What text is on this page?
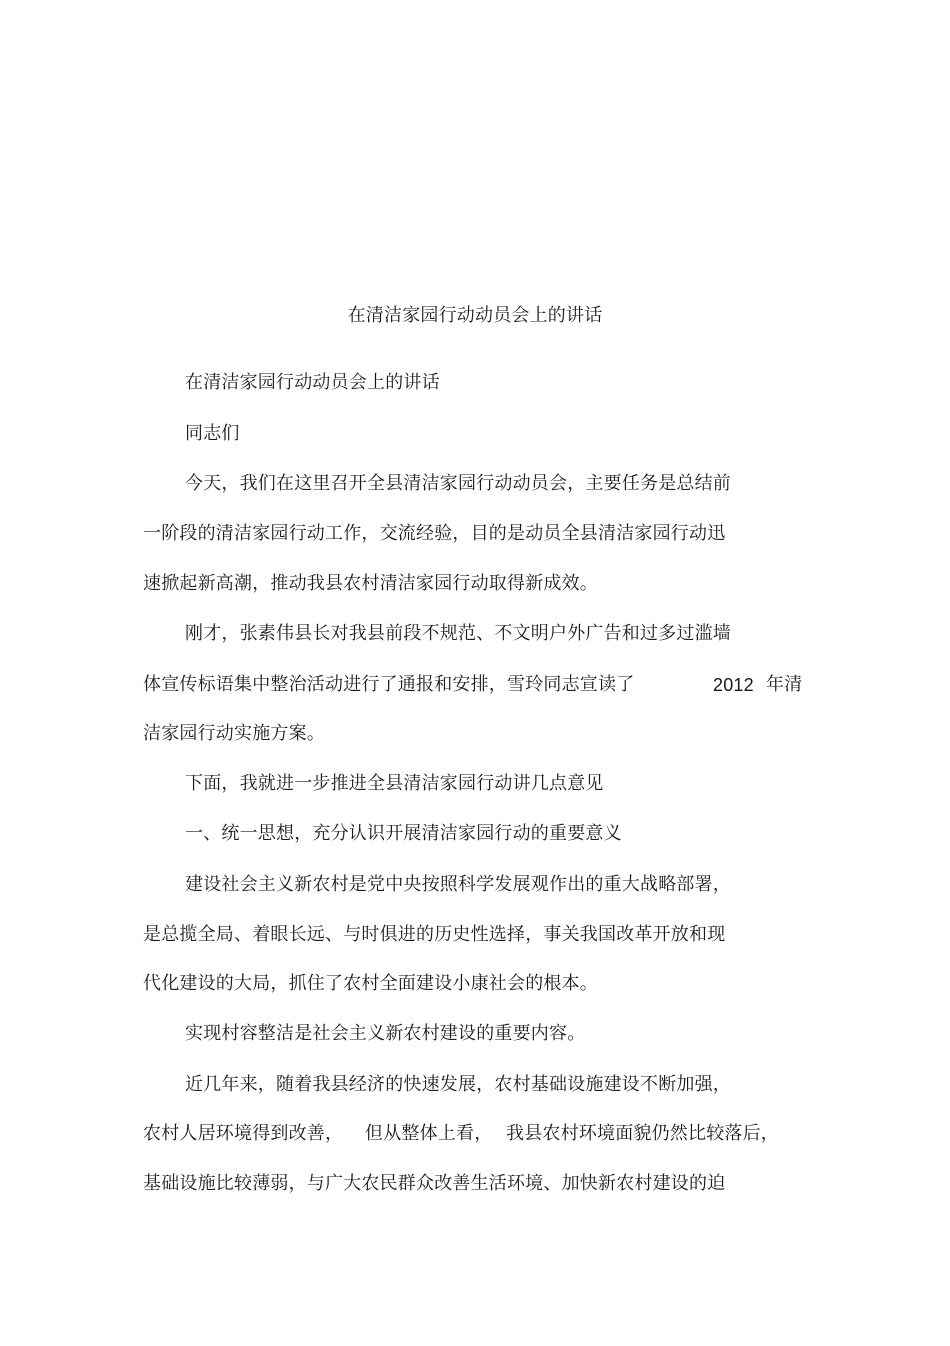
在清洁家园行动动员会上的讲话
在清洁家园行动动员会上的讲话
同志们
今天，我们在这里召开全县清洁家园行动动员会，主要任务是总结前
一阶段的清洁家园行动工作，交流经验，目的是动员全县清洁家园行动迅
速掀起新高潮，推动我县农村清洁家园行动取得新成效。
刚才，张素伟县长对我县前段不规范、不文明户外广告和过多过滥墙
体宣传标语集中整治活动进行了通报和安排，雪玲同志宣读了	2012 年清
洁家园行动实施方案。
下面，我就进一步推进全县清洁家园行动讲几点意见
一、统一思想，充分认识开展清洁家园行动的重要意义
建设社会主义新农村是党中央按照科学发展观作出的重大战略部署，
是总揽全局、着眼长远、与时俱进的历史性选择，事关我国改革开放和现
代化建设的大局，抓住了农村全面建设小康社会的根本。
实现村容整洁是社会主义新农村建设的重要内容。
近几年来，随着我县经济的快速发展，农村基础设施建设不断加强，
农村人居环境得到改善， 但从整体上看， 我县农村环境面貌仍然比较落后，
基础设施比较薄弱，与广大农民群众改善生活环境、加快新农村建设的迫
